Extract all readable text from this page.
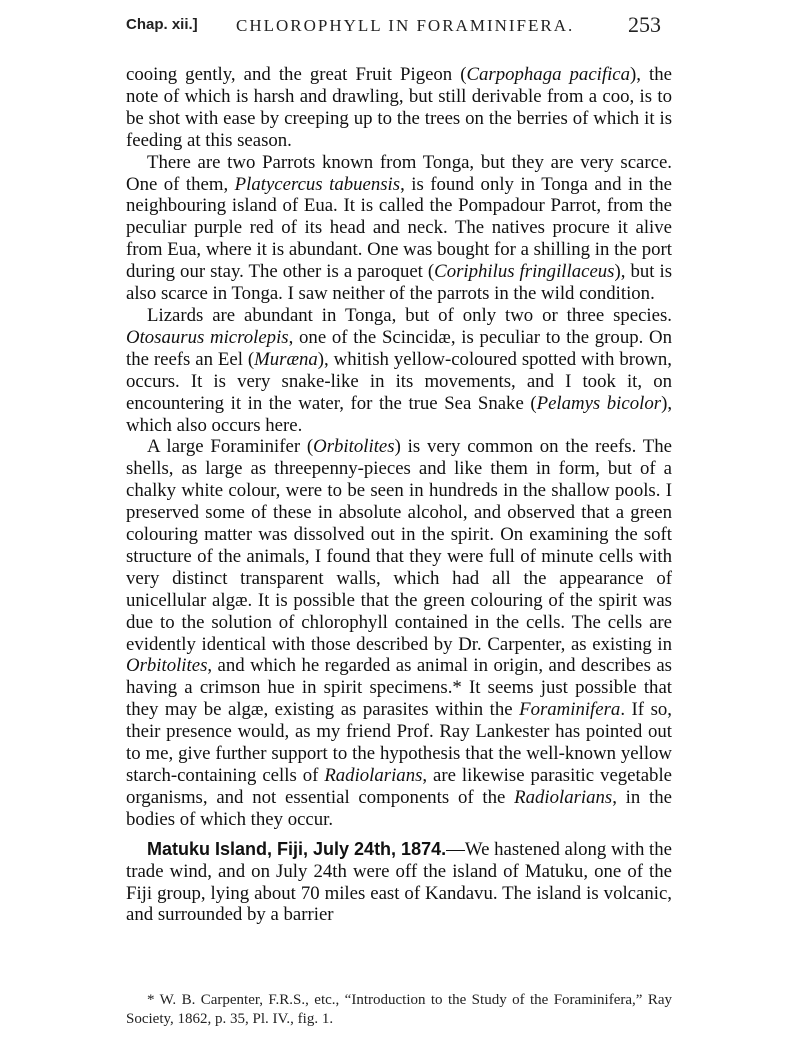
Chap. xii.] CHLOROPHYLL IN FORAMINIFERA. 253

cooing gently, and the great Fruit Pigeon (Carpophaga pacifica), the note of which is harsh and drawling, but still derivable from a coo, is to be shot with ease by creeping up to the trees on the berries of which it is feeding at this season.

There are two Parrots known from Tonga, but they are very scarce. One of them, Platycercus tabuensis, is found only in Tonga and in the neighbouring island of Eua. It is called the Pompadour Parrot, from the peculiar purple red of its head and neck. The natives procure it alive from Eua, where it is abundant. One was bought for a shilling in the port during our stay. The other is a paroquet (Coriphilus fringillaceus), but is also scarce in Tonga. I saw neither of the parrots in the wild condition.

Lizards are abundant in Tonga, but of only two or three species. Otosaurus microlepis, one of the Scincidæ, is peculiar to the group. On the reefs an Eel (Muræna), whitish yellow-coloured spotted with brown, occurs. It is very snake-like in its movements, and I took it, on encountering it in the water, for the true Sea Snake (Pelamys bicolor), which also occurs here.

A large Foraminifer (Orbitolites) is very common on the reefs. The shells, as large as threepenny-pieces and like them in form, but of a chalky white colour, were to be seen in hundreds in the shallow pools. I preserved some of these in absolute alcohol, and observed that a green colouring matter was dissolved out in the spirit. On examining the soft structure of the animals, I found that they were full of minute cells with very distinct transparent walls, which had all the appearance of unicellular algæ. It is possible that the green colouring of the spirit was due to the solution of chlorophyll contained in the cells. The cells are evidently identical with those described by Dr. Carpenter, as existing in Orbitolites, and which he regarded as animal in origin, and describes as having a crimson hue in spirit specimens.* It seems just possible that they may be algæ, existing as parasites within the Foraminifera. If so, their presence would, as my friend Prof. Ray Lankester has pointed out to me, give further support to the hypothesis that the well-known yellow starch-containing cells of Radiolarians, are likewise parasitic vegetable organisms, and not essential components of the Radiolarians, in the bodies of which they occur.

Matuku Island, Fiji, July 24th, 1874.—We hastened along with the trade wind, and on July 24th were off the island of Matuku, one of the Fiji group, lying about 70 miles east of Kandavu. The island is volcanic, and surrounded by a barrier

* W. B. Carpenter, F.R.S., etc., “Introduction to the Study of the Foraminifera,” Ray Society, 1862, p. 35, Pl. IV., fig. 1.
